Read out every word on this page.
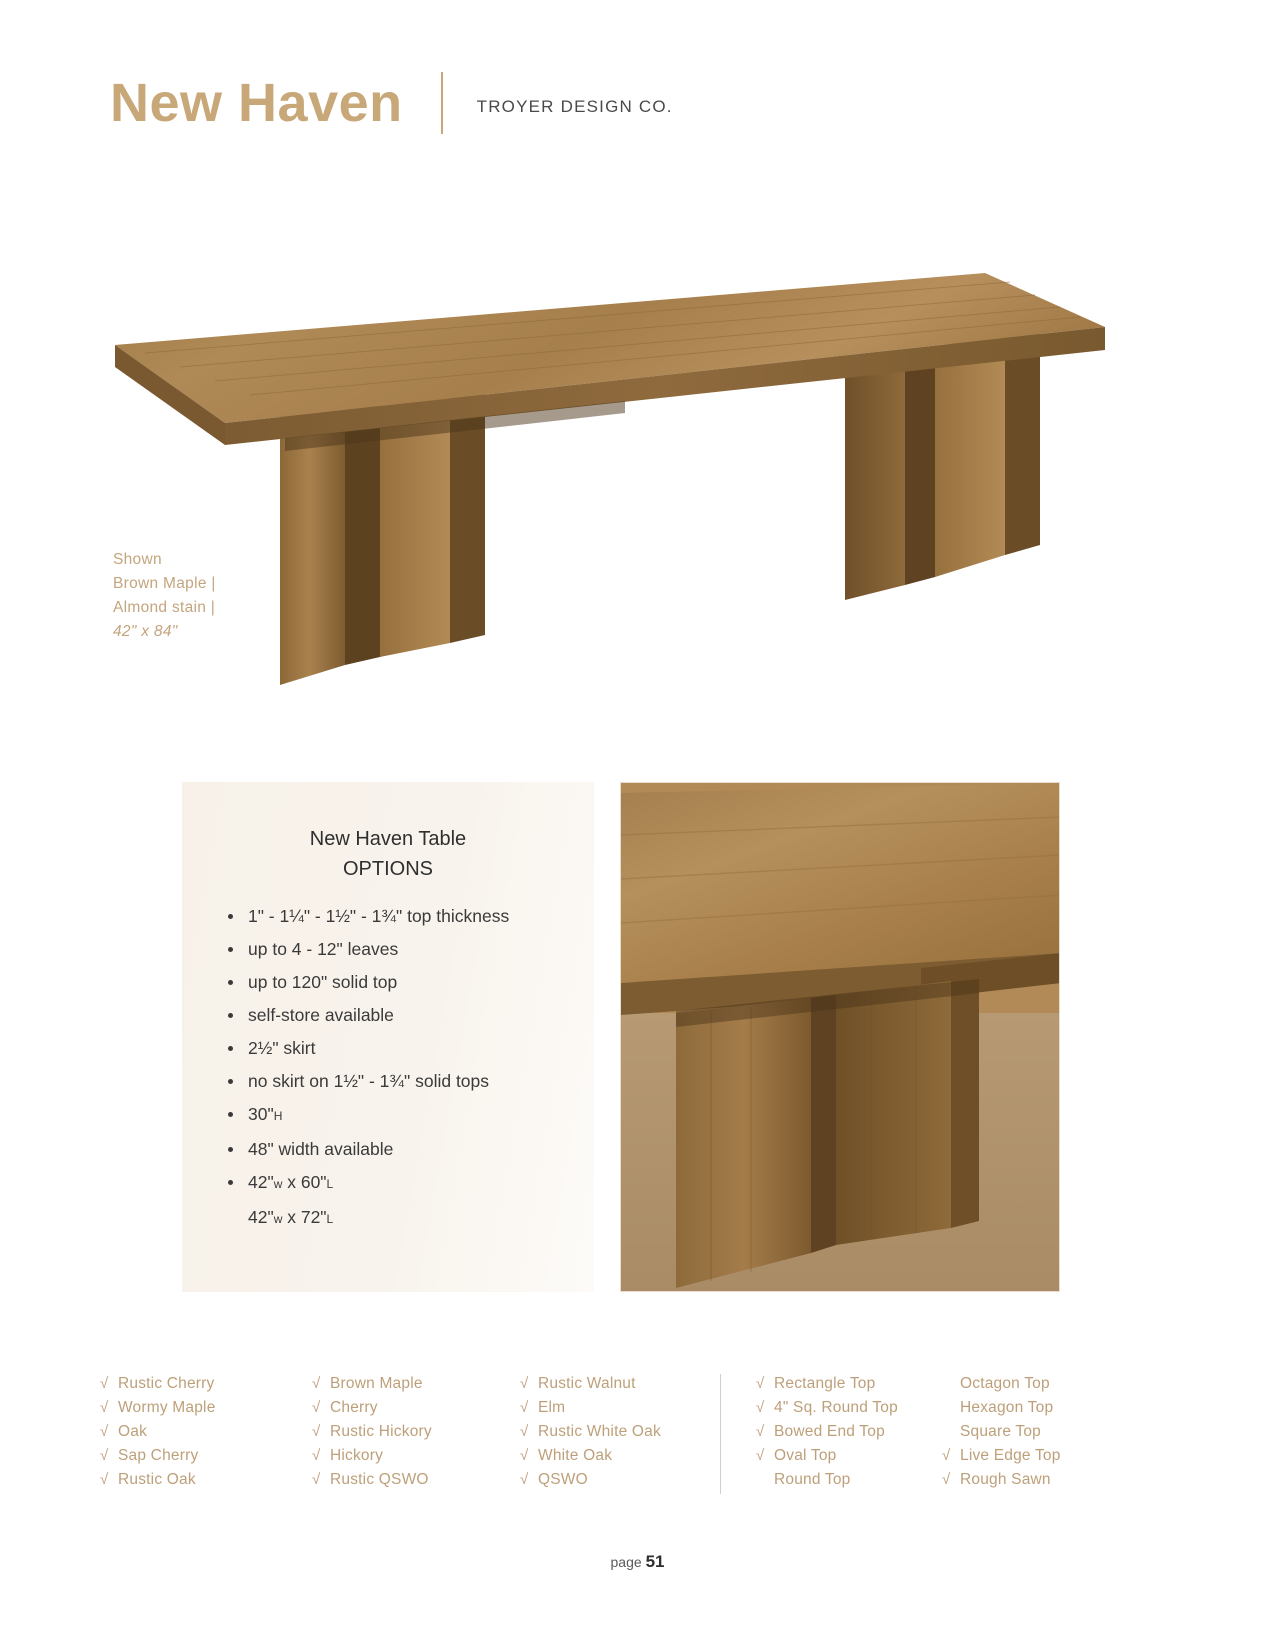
New Haven	TROYER DESIGN CO.
Shown
Brown Maple |
Almond stain |
42" x 84"
New Haven Table
OPTIONS
1" - 1¼" - 1½" - 1¾" top thickness
up to 4 - 12" leaves
up to 120" solid top
self-store available
2½" skirt
no skirt on 1½" - 1¾" solid tops
30"H
48" width available
42"w x 60"L
42"w x 72"L
√ Rustic Cherry
√ Wormy Maple
√ Oak
√ Sap Cherry
√ Rustic Oak
√ Brown Maple
√ Cherry
√ Rustic Hickory
√ Hickory
√ Rustic QSWO
√ Rustic Walnut
√ Elm
√ Rustic White Oak
√ White Oak
√ QSWO
√ Rectangle Top
√ 4" Sq. Round Top
√ Bowed End Top
√ Oval Top
Round Top
Octagon Top
Hexagon Top
Square Top
√ Live Edge Top
√ Rough Sawn
page 51
